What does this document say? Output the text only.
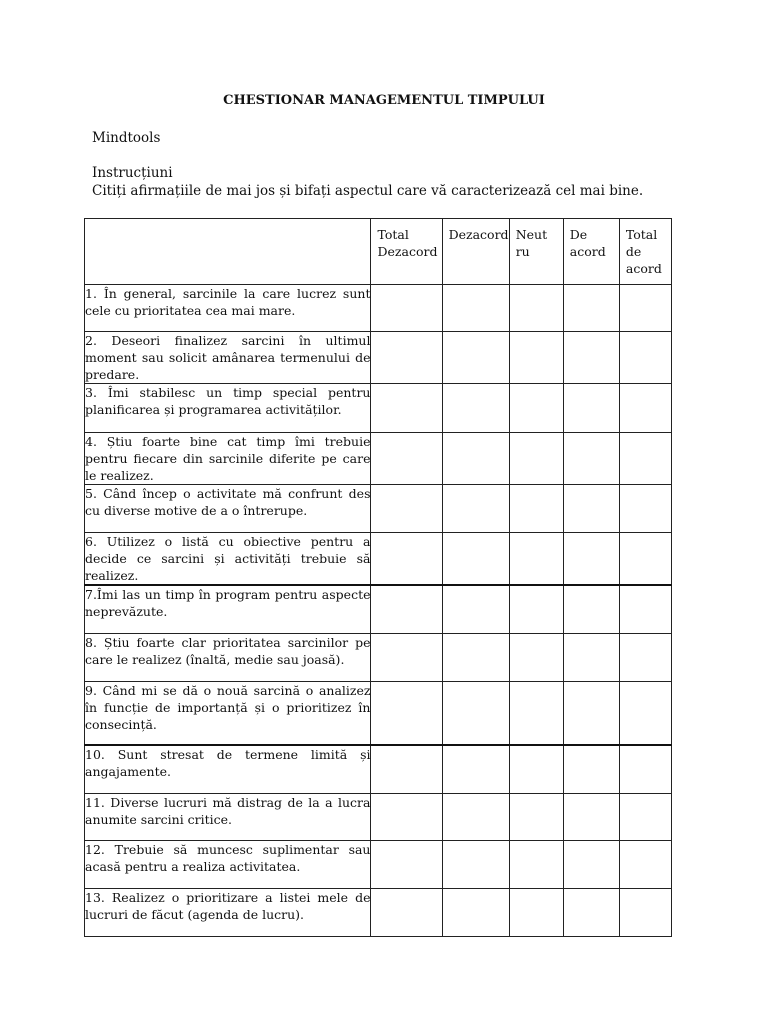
CHESTIONAR MANAGEMENTUL TIMPULUI
Mindtools
Instrucțiuni
Citiți afirmațiile de mai jos și bifați aspectul care vă caracterizează cel mai bine.

	Total Dezacord	Dezacord	Neutru	De acord	Total de acord

1. În general, sarcinile la care lucrez sunt cele cu prioritatea cea mai mare.					
2. Deseori finalizez sarcini în ultimul moment sau solicit amânarea termenului de predare.					
3. Îmi stabilesc un timp special pentru planificarea și programarea activităților.					
4. Știu foarte bine cat timp îmi trebuie pentru fiecare din sarcinile diferite pe care le realizez.					
5. Când încep o activitate mă confrunt des cu diverse motive de a o întrerupe.					
6. Utilizez o listă cu obiective pentru a decide ce sarcini și activități trebuie să realizez.					
7.Îmi las un timp în program pentru aspecte neprevăzute.					
8. Știu foarte clar prioritatea sarcinilor pe care le realizez (înaltă, medie sau joasă).					
9. Când mi se dă o nouă sarcină o analizez în funcție de importanță și o prioritizez în consecință.					
10. Sunt stresat de termene limită și angajamente.					
11. Diverse lucruri mă distrag de la a lucra anumite sarcini critice.					
12. Trebuie să muncesc suplimentar sau acasă pentru a realiza activitatea.					
13. Realizez o prioritizare a listei mele de lucruri de făcut (agenda de lucru).					
